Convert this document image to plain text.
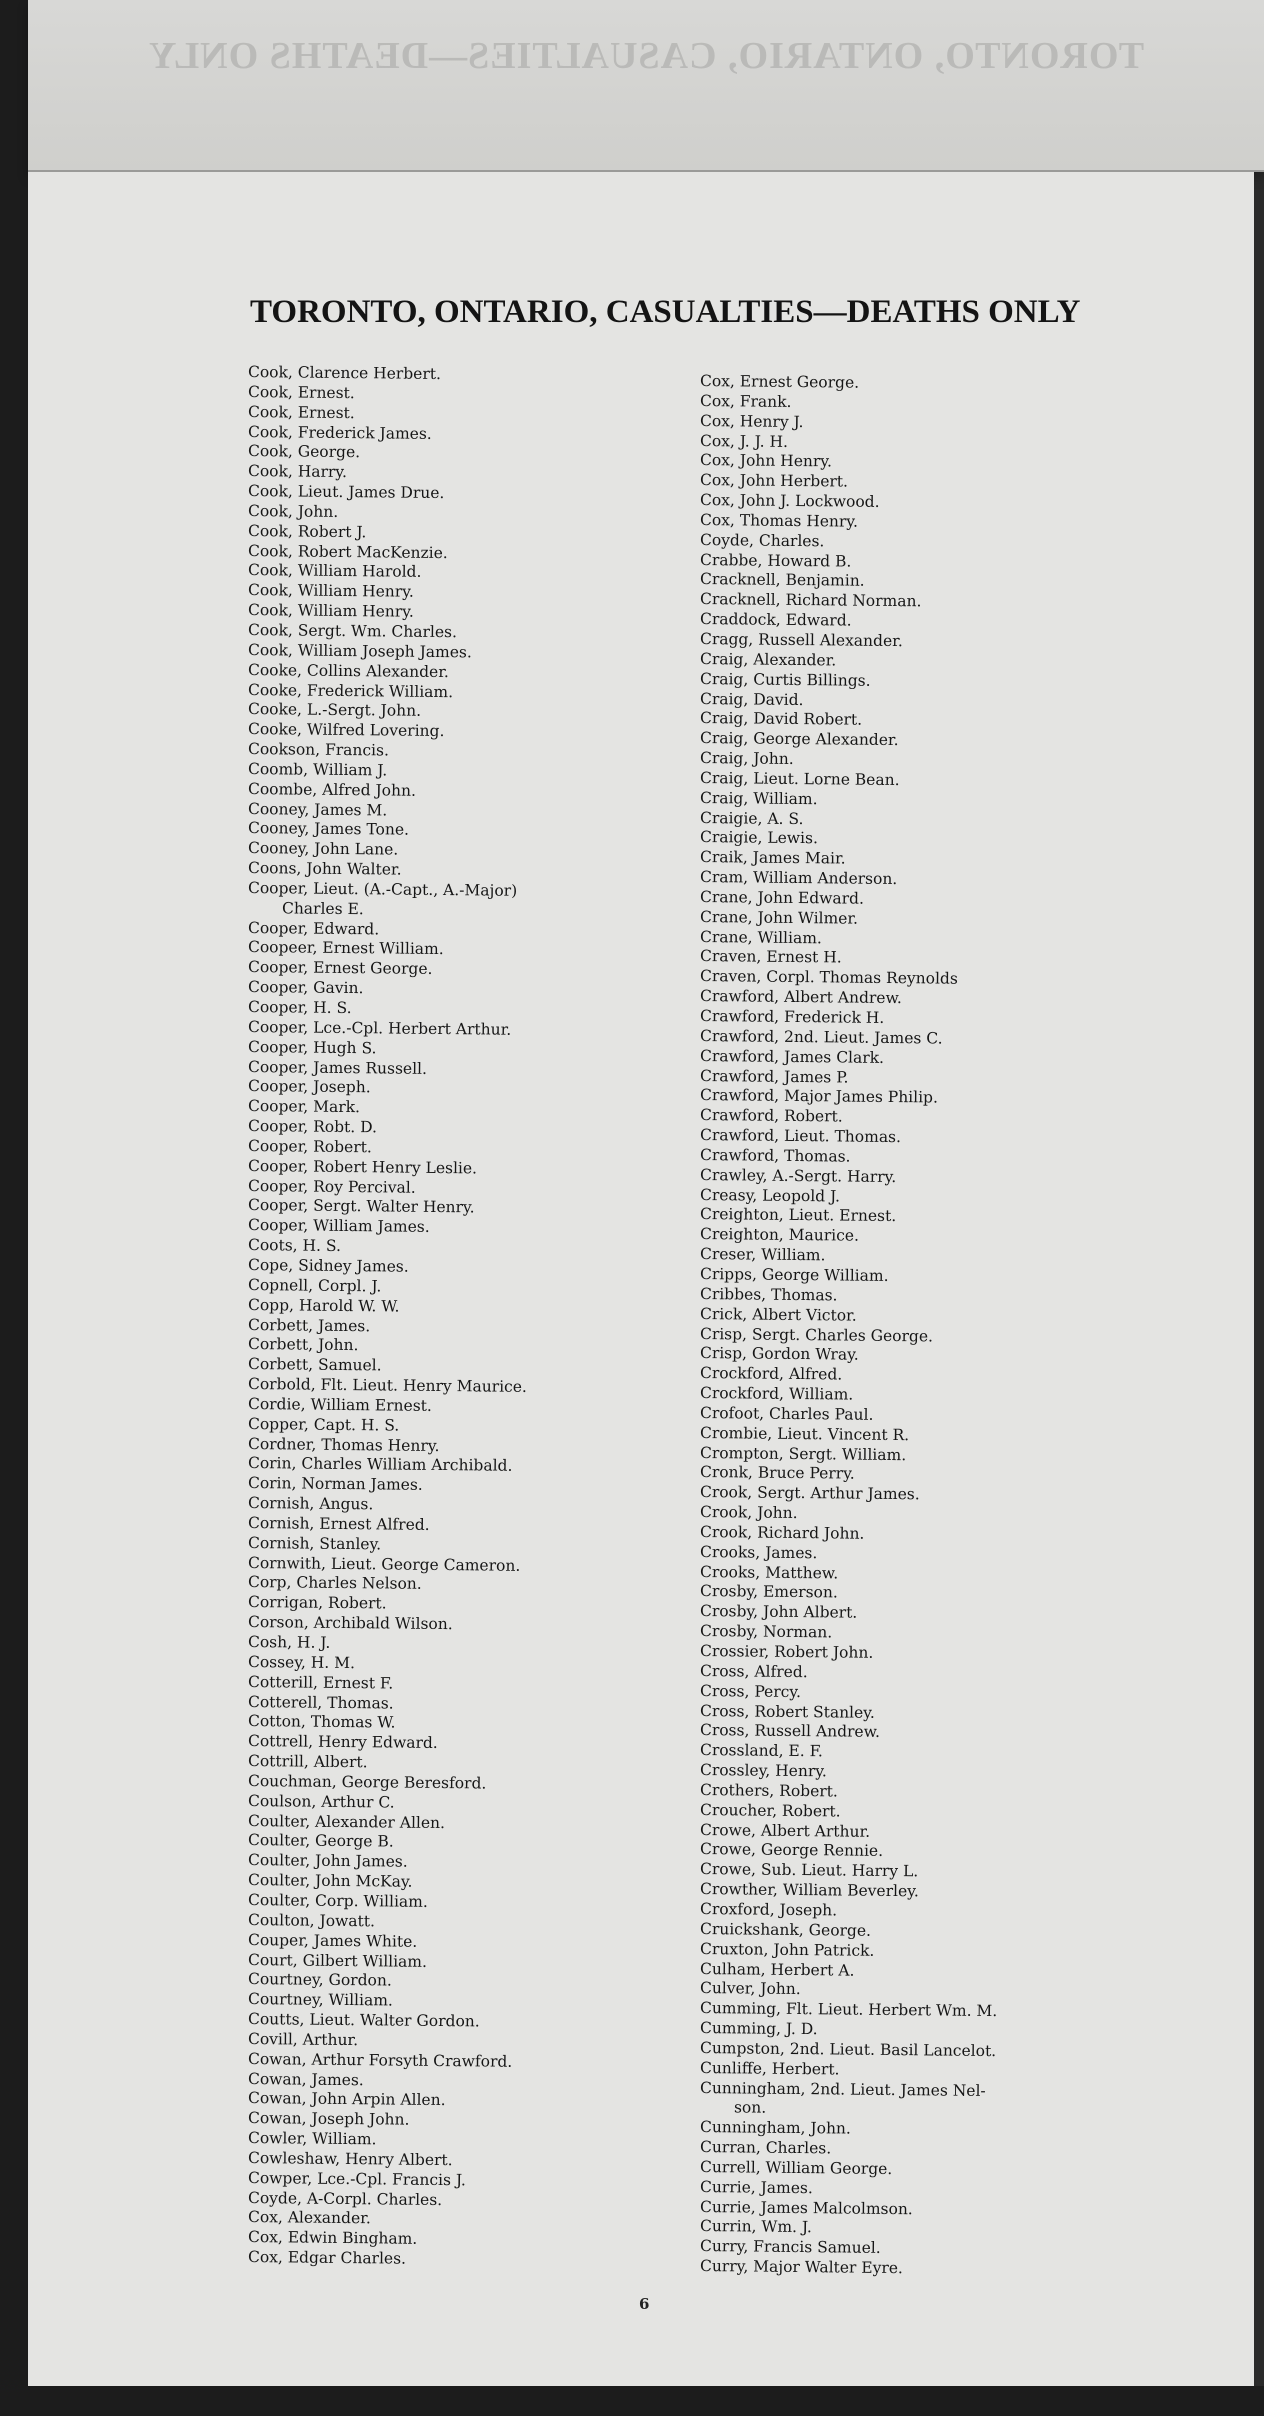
TORONTO, ONTARIO, CASUALTIES—DEATHS ONLY
TORONTO, ONTARIO, CASUALTIES—DEATHS ONLY
Cook, Clarence Herbert.
Cook, Ernest.
Cook, Ernest.
Cook, Frederick James.
Cook, George.
Cook, Harry.
Cook, Lieut. James Drue.
Cook, John.
Cook, Robert J.
Cook, Robert MacKenzie.
Cook, William Harold.
Cook, William Henry.
Cook, William Henry.
Cook, Sergt. Wm. Charles.
Cook, William Joseph James.
Cooke, Collins Alexander.
Cooke, Frederick William.
Cooke, L.-Sergt. John.
Cooke, Wilfred Lovering.
Cookson, Francis.
Coomb, William J.
Coombe, Alfred John.
Cooney, James M.
Cooney, James Tone.
Cooney, John Lane.
Coons, John Walter.
Cooper, Lieut. (A.-Capt., A.-Major)
Charles E.
Cooper, Edward.
Coopeer, Ernest William.
Cooper, Ernest George.
Cooper, Gavin.
Cooper, H. S.
Cooper, Lce.-Cpl. Herbert Arthur.
Cooper, Hugh S.
Cooper, James Russell.
Cooper, Joseph.
Cooper, Mark.
Cooper, Robt. D.
Cooper, Robert.
Cooper, Robert Henry Leslie.
Cooper, Roy Percival.
Cooper, Sergt. Walter Henry.
Cooper, William James.
Coots, H. S.
Cope, Sidney James.
Copnell, Corpl. J.
Copp, Harold W. W.
Corbett, James.
Corbett, John.
Corbett, Samuel.
Corbold, Flt. Lieut. Henry Maurice.
Cordie, William Ernest.
Copper, Capt. H. S.
Cordner, Thomas Henry.
Corin, Charles William Archibald.
Corin, Norman James.
Cornish, Angus.
Cornish, Ernest Alfred.
Cornish, Stanley.
Cornwith, Lieut. George Cameron.
Corp, Charles Nelson.
Corrigan, Robert.
Corson, Archibald Wilson.
Cosh, H. J.
Cossey, H. M.
Cotterill, Ernest F.
Cotterell, Thomas.
Cotton, Thomas W.
Cottrell, Henry Edward.
Cottrill, Albert.
Couchman, George Beresford.
Coulson, Arthur C.
Coulter, Alexander Allen.
Coulter, George B.
Coulter, John James.
Coulter, John McKay.
Coulter, Corp. William.
Coulton, Jowatt.
Couper, James White.
Court, Gilbert William.
Courtney, Gordon.
Courtney, William.
Coutts, Lieut. Walter Gordon.
Covill, Arthur.
Cowan, Arthur Forsyth Crawford.
Cowan, James.
Cowan, John Arpin Allen.
Cowan, Joseph John.
Cowler, William.
Cowleshaw, Henry Albert.
Cowper, Lce.-Cpl. Francis J.
Coyde, A-Corpl. Charles.
Cox, Alexander.
Cox, Edwin Bingham.
Cox, Edgar Charles.
Cox, Ernest George.
Cox, Frank.
Cox, Henry J.
Cox, J. J. H.
Cox, John Henry.
Cox, John Herbert.
Cox, John J. Lockwood.
Cox, Thomas Henry.
Coyde, Charles.
Crabbe, Howard B.
Cracknell, Benjamin.
Cracknell, Richard Norman.
Craddock, Edward.
Cragg, Russell Alexander.
Craig, Alexander.
Craig, Curtis Billings.
Craig, David.
Craig, David Robert.
Craig, George Alexander.
Craig, John.
Craig, Lieut. Lorne Bean.
Craig, William.
Craigie, A. S.
Craigie, Lewis.
Craik, James Mair.
Cram, William Anderson.
Crane, John Edward.
Crane, John Wilmer.
Crane, William.
Craven, Ernest H.
Craven, Corpl. Thomas Reynolds
Crawford, Albert Andrew.
Crawford, Frederick H.
Crawford, 2nd. Lieut. James C.
Crawford, James Clark.
Crawford, James P.
Crawford, Major James Philip.
Crawford, Robert.
Crawford, Lieut. Thomas.
Crawford, Thomas.
Crawley, A.-Sergt. Harry.
Creasy, Leopold J.
Creighton, Lieut. Ernest.
Creighton, Maurice.
Creser, William.
Cripps, George William.
Cribbes, Thomas.
Crick, Albert Victor.
Crisp, Sergt. Charles George.
Crisp, Gordon Wray.
Crockford, Alfred.
Crockford, William.
Crofoot, Charles Paul.
Crombie, Lieut. Vincent R.
Crompton, Sergt. William.
Cronk, Bruce Perry.
Crook, Sergt. Arthur James.
Crook, John.
Crook, Richard John.
Crooks, James.
Crooks, Matthew.
Crosby, Emerson.
Crosby, John Albert.
Crosby, Norman.
Crossier, Robert John.
Cross, Alfred.
Cross, Percy.
Cross, Robert Stanley.
Cross, Russell Andrew.
Crossland, E. F.
Crossley, Henry.
Crothers, Robert.
Croucher, Robert.
Crowe, Albert Arthur.
Crowe, George Rennie.
Crowe, Sub. Lieut. Harry L.
Crowther, William Beverley.
Croxford, Joseph.
Cruickshank, George.
Cruxton, John Patrick.
Culham, Herbert A.
Culver, John.
Cumming, Flt. Lieut. Herbert Wm. M.
Cumming, J. D.
Cumpston, 2nd. Lieut. Basil Lancelot.
Cunliffe, Herbert.
Cunningham, 2nd. Lieut. James Nel-
son.
Cunningham, John.
Curran, Charles.
Currell, William George.
Currie, James.
Currie, James Malcolmson.
Currin, Wm. J.
Curry, Francis Samuel.
Curry, Major Walter Eyre.
6
